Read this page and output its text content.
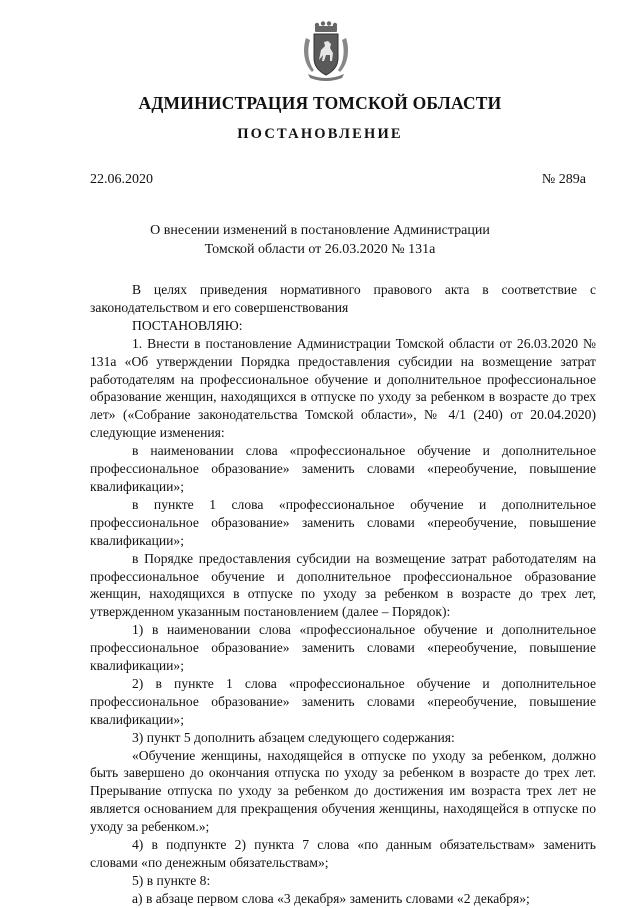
АДМИНИСТРАЦИЯ ТОМСКОЙ ОБЛАСТИ
ПОСТАНОВЛЕНИЕ
22.06.2020	№ 289а
О внесении изменений в постановление Администрации
Томской области от 26.03.2020 № 131а

В целях приведения нормативного правового акта в соответствие с законодательством и его совершенствования

ПОСТАНОВЛЯЮ:

1. Внести в постановление Администрации Томской области от 26.03.2020 № 131а «Об утверждении Порядка предоставления субсидии на возмещение затрат работодателям на профессиональное обучение и дополнительное профессиональное образование женщин, находящихся в отпуске по уходу за ребенком в возрасте до трех лет» («Собрание законодательства Томской области», № 4/1 (240) от 20.04.2020) следующие изменения:

в наименовании слова «профессиональное обучение и дополнительное профессиональное образование» заменить словами «переобучение, повышение квалификации»;

в пункте 1 слова «профессиональное обучение и дополнительное профессиональное образование» заменить словами «переобучение, повышение квалификации»;

в Порядке предоставления субсидии на возмещение затрат работодателям на профессиональное обучение и дополнительное профессиональное образование женщин, находящихся в отпуске по уходу за ребенком в возрасте до трех лет, утвержденном указанным постановлением (далее – Порядок):

1) в наименовании слова «профессиональное обучение и дополнительное профессиональное образование» заменить словами «переобучение, повышение квалификации»;

2) в пункте 1 слова «профессиональное обучение и дополнительное профессиональное образование» заменить словами «переобучение, повышение квалификации»;

3) пункт 5 дополнить абзацем следующего содержания:

«Обучение женщины, находящейся в отпуске по уходу за ребенком, должно быть завершено до окончания отпуска по уходу за ребенком в возрасте до трех лет. Прерывание отпуска по уходу за ребенком до достижения им возраста трех лет не является основанием для прекращения обучения женщины, находящейся в отпуске по уходу за ребенком.»;

4) в подпункте 2) пункта 7 слова «по данным обязательствам» заменить словами «по денежным обязательствам»;

5) в пункте 8:

а) в абзаце первом слова «3 декабря» заменить словами «2 декабря»;
